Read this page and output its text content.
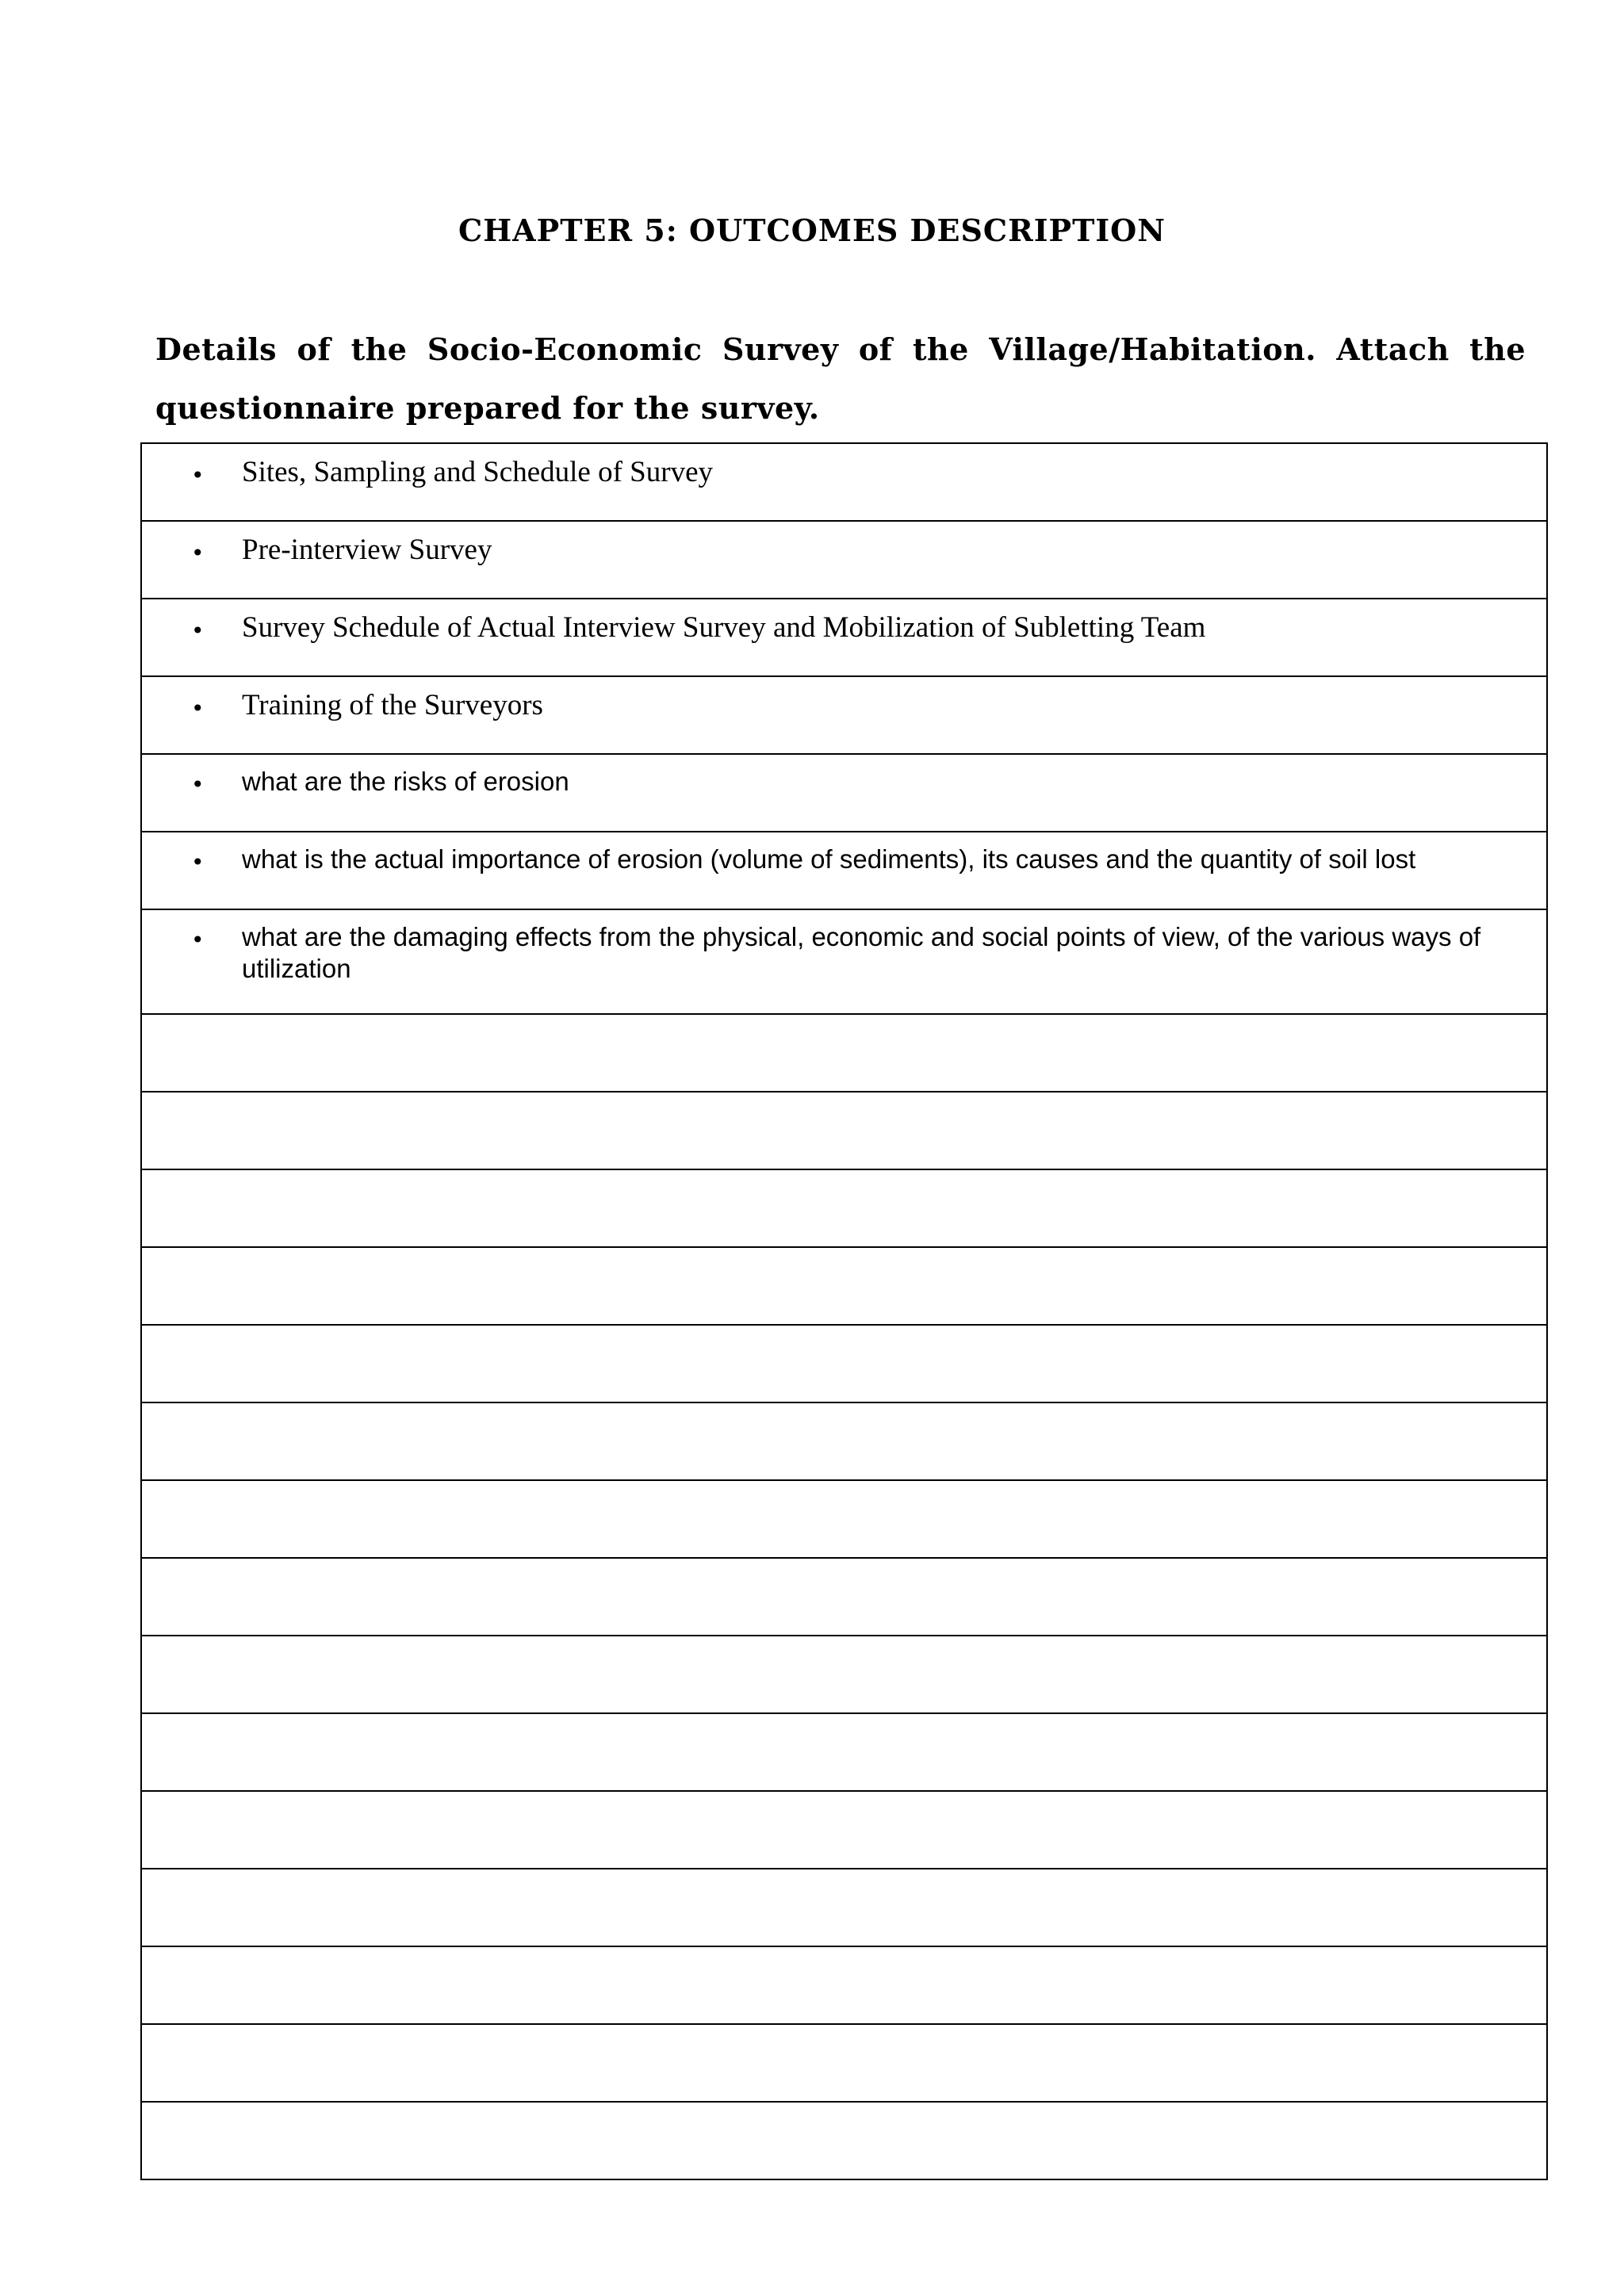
CHAPTER 5: OUTCOMES DESCRIPTION

Details of the Socio-Economic Survey of the Village/Habitation. Attach the questionnaire prepared for the survey.

• Sites, Sampling and Schedule of Survey

• Pre-interview Survey

• Survey Schedule of Actual Interview Survey and Mobilization of Subletting Team

• Training of the Surveyors

• what are the risks of erosion

• what is the actual importance of erosion (volume of sediments), its causes and the quantity of soil lost

• what are the damaging effects from the physical, economic and social points of view, of the various ways of utilization
